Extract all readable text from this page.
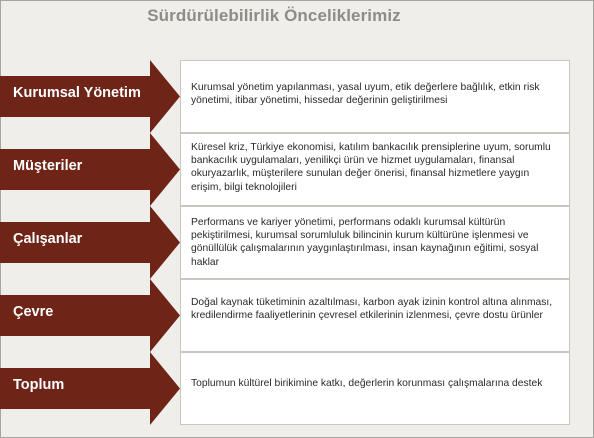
Sürdürülebilirlik Önceliklerimiz
Kurumsal Yönetim	Kurumsal yönetim yapılanması, yasal uyum, etik değerlere bağlılık, etkin risk yönetimi, itibar yönetimi, hissedar değerinin geliştirilmesi
Müşteriler
Küresel kriz, Türkiye ekonomisi, katılım bankacılık prensiplerine uyum, sorumlu bankacılık uygulamaları, yenilikçi ürün ve hizmet uygulamaları, finansal okuryazarlık, müşterilere sunulan değer önerisi, finansal hizmetlere yaygın erişim, bilgi teknolojileri
Çalışanlar
Performans ve kariyer yönetimi, performans odaklı kurumsal kültürün pekiştirilmesi, kurumsal sorumluluk bilincinin kurum kültürüne işlenmesi ve gönüllülük çalışmalarının yaygınlaştırılması, insan kaynağının eğitimi, sosyal haklar
Çevre
Doğal kaynak tüketiminin azaltılması, karbon ayak izinin kontrol altına alınması, kredilendirme faaliyetlerinin çevresel etkilerinin izlenmesi, çevre dostu ürünler
Toplum	Toplumun kültürel birikimine katkı, değerlerin korunması çalışmalarına destek
